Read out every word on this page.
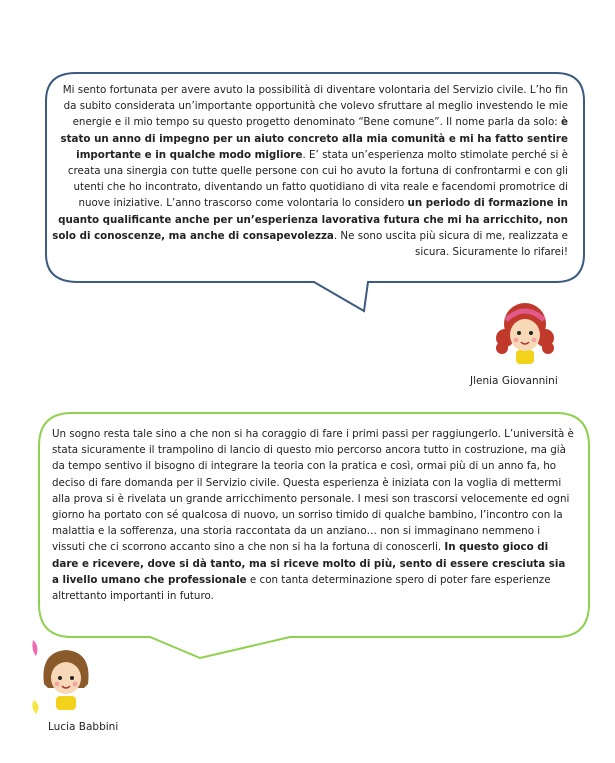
Mi sento fortunata per avere avuto la possibilità di diventare volontaria del Servizio civile. L’ho fin da subito considerata un’importante opportunità che volevo sfruttare al meglio investendo le mie energie e il mio tempo su questo progetto denominato “Bene comune”. Il nome parla da solo: è stato un anno di impegno per un aiuto concreto alla mia comunità e mi ha fatto sentire importante e in qualche modo migliore. E’ stata un’esperienza molto stimolate perché si è creata una sinergia con tutte quelle persone con cui ho avuto la fortuna di confrontarmi e con gli utenti che ho incontrato, diventando un fatto quotidiano di vita reale e facendomi promotrice di nuove iniziative. L’anno trascorso come volontaria lo considero un periodo di formazione in quanto qualificante anche per un’esperienza lavorativa futura che mi ha arricchito, non solo di conoscenze, ma anche di consapevolezza. Ne sono uscita più sicura di me, realizzata e sicura. Sicuramente lo rifarei!
Un sogno resta tale sino a che non si ha coraggio di fare i primi passi per raggiungerlo. L’università è stata sicuramente il trampolino di lancio di questo mio percorso ancora tutto in costruzione, ma già da tempo sentivo il bisogno di integrare la teoria con la pratica e così, ormai più di un anno fa, ho deciso di fare domanda per il Servizio civile. Questa esperienza è iniziata con la voglia di mettermi alla prova si è rivelata un grande arricchimento personale. I mesi son trascorsi velocemente ed ogni giorno ha portato con sé qualcosa di nuovo, un sorriso timido di qualche bambino, l’incontro con la malattia e la sofferenza, una storia raccontata da un anziano… non si immaginano nemmeno i vissuti che ci scorrono accanto sino a che non si ha la fortuna di conoscerli. In questo gioco di dare e ricevere, dove si dà tanto, ma si riceve molto di più, sento di essere cresciuta sia a livello umano che professionale e con tanta determinazione spero di poter fare esperienze altrettanto importanti in futuro.
Jlenia Giovannini
Lucia Babbini
